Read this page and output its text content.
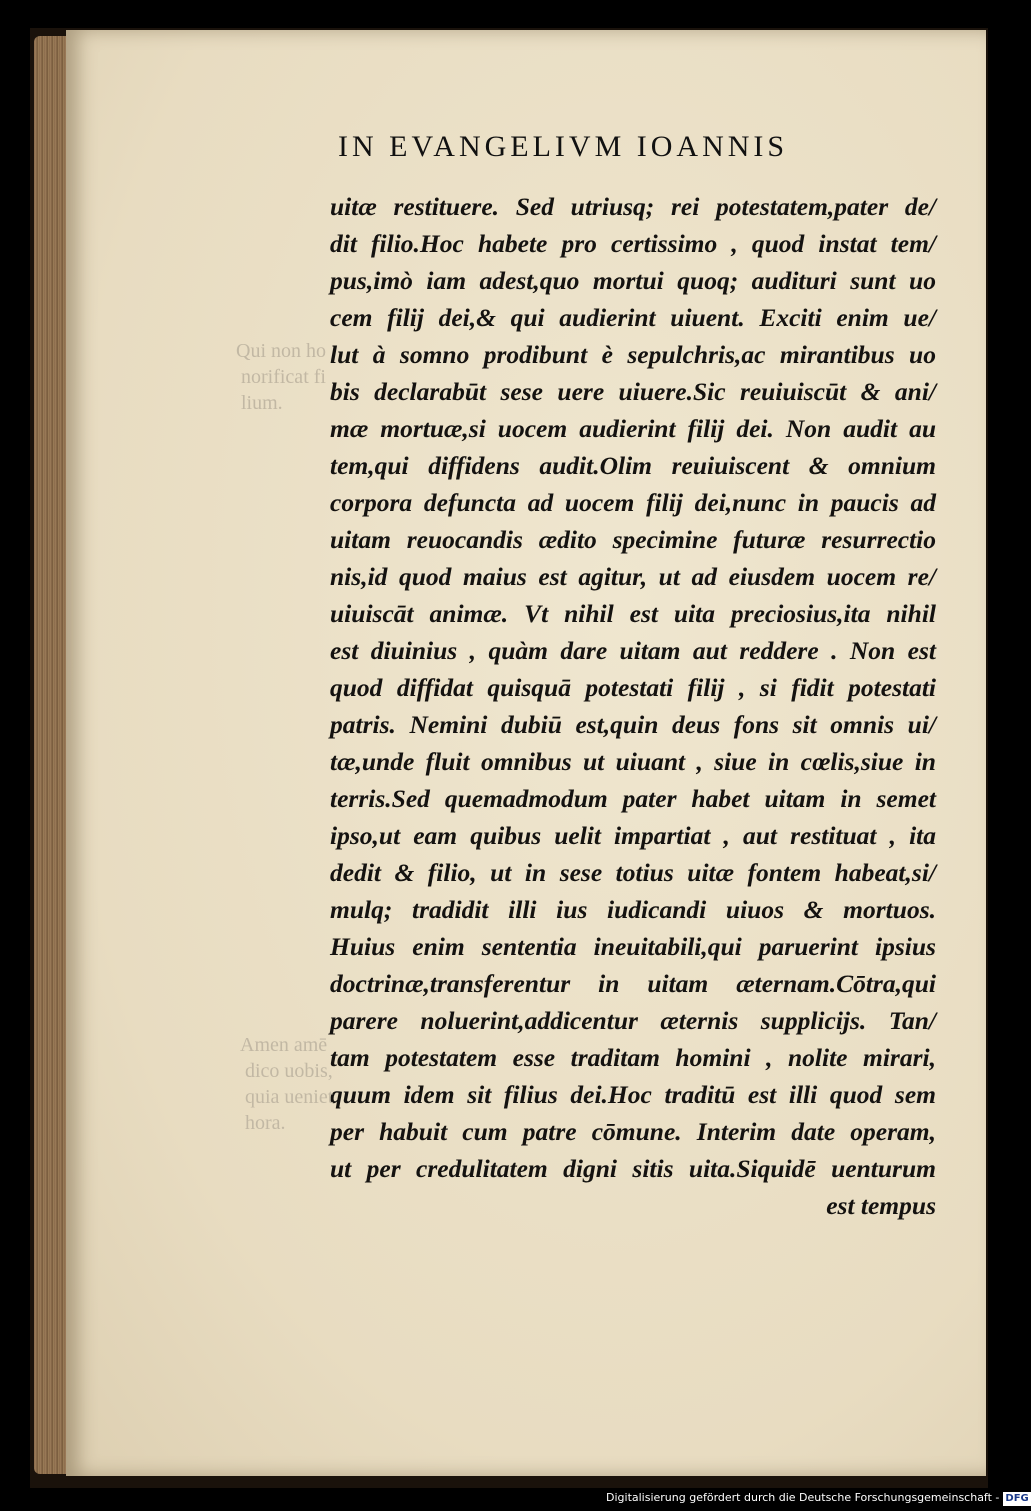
IN EVANGELIVM IOANNIS
uitæ restituere. Sed utriusq; rei potestatem,pater de/
dit filio.Hoc habete pro certissimo , quod instat tem/
pus,imò iam adest,quo mortui quoq; audituri sunt uo
cem filij dei,& qui audierint uiuent. Exciti enim ue/
lut à somno prodibunt è sepulchris,ac mirantibus uo
bis declarabūt sese uere uiuere.Sic reuiuiscūt & ani/
mæ mortuæ,si uocem audierint filij dei. Non audit au
tem,qui diffidens audit.Olim reuiuiscent & omnium
corpora defuncta ad uocem filij dei,nunc in paucis ad
uitam reuocandis ædito specimine futuræ resurrectio
nis,id quod maius est agitur, ut ad eiusdem uocem re/
uiuiscāt animæ. Vt nihil est uita preciosius,ita nihil
est diuinius , quàm dare uitam aut reddere . Non est
quod diffidat quisquā potestati filij , si fidit potestati
patris. Nemini dubiū est,quin deus fons sit omnis ui/
tæ,unde fluit omnibus ut uiuant , siue in cœlis,siue in
terris.Sed quemadmodum pater habet uitam in semet
ipso,ut eam quibus uelit impartiat , aut restituat , ita
dedit & filio, ut in sese totius uitæ fontem habeat,si/
mulq; tradidit illi ius iudicandi uiuos & mortuos.
Huius enim sententia ineuitabili,qui paruerint ipsius
doctrinæ,transferentur in uitam æternam.Cōtra,qui
parere noluerint,addicentur æternis supplicijs. Tan/
tam potestatem esse traditam homini , nolite mirari,
quum idem sit filius dei.Hoc traditū est illi quod sem
per habuit cum patre cōmune. Interim date operam,
ut per credulitatem digni sitis uita.Siquidē uenturum
est tempus
Qui non ho
norificat fi
lium.
Amen amē
dico uobis,
quia ueniet
hora.
Digitalisierung gefördert durch die Deutsche Forschungsgemeinschaft - DFG
